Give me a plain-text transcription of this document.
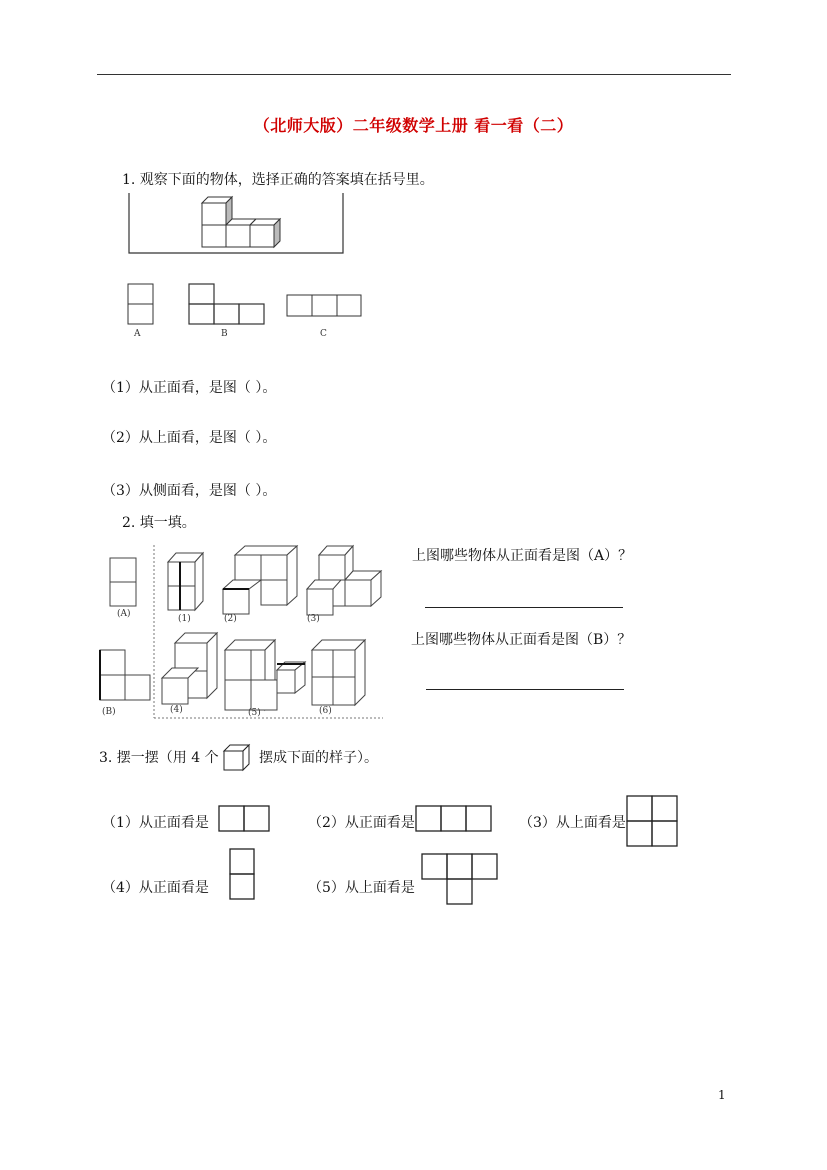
（北师大版）二年级数学上册 看一看（二）
1. 观察下面的物体，选择正确的答案填在括号里。
A	B	C
（1）从正面看，是图（ ）。
（2）从上面看，是图（ ）。
（3）从侧面看，是图（ ）。
2. 填一填。
(A)	(1)	(2)	(3)
(B)	(4)	(5)	(6)
上图哪些物体从正面看是图（A）？
上图哪些物体从正面看是图（B）？
3. 摆一摆（用 4 个	摆成下面的样子）。
（1）从正面看是	（2）从正面看是	（3）从上面看是
（4）从正面看是	（5）从上面看是
1
